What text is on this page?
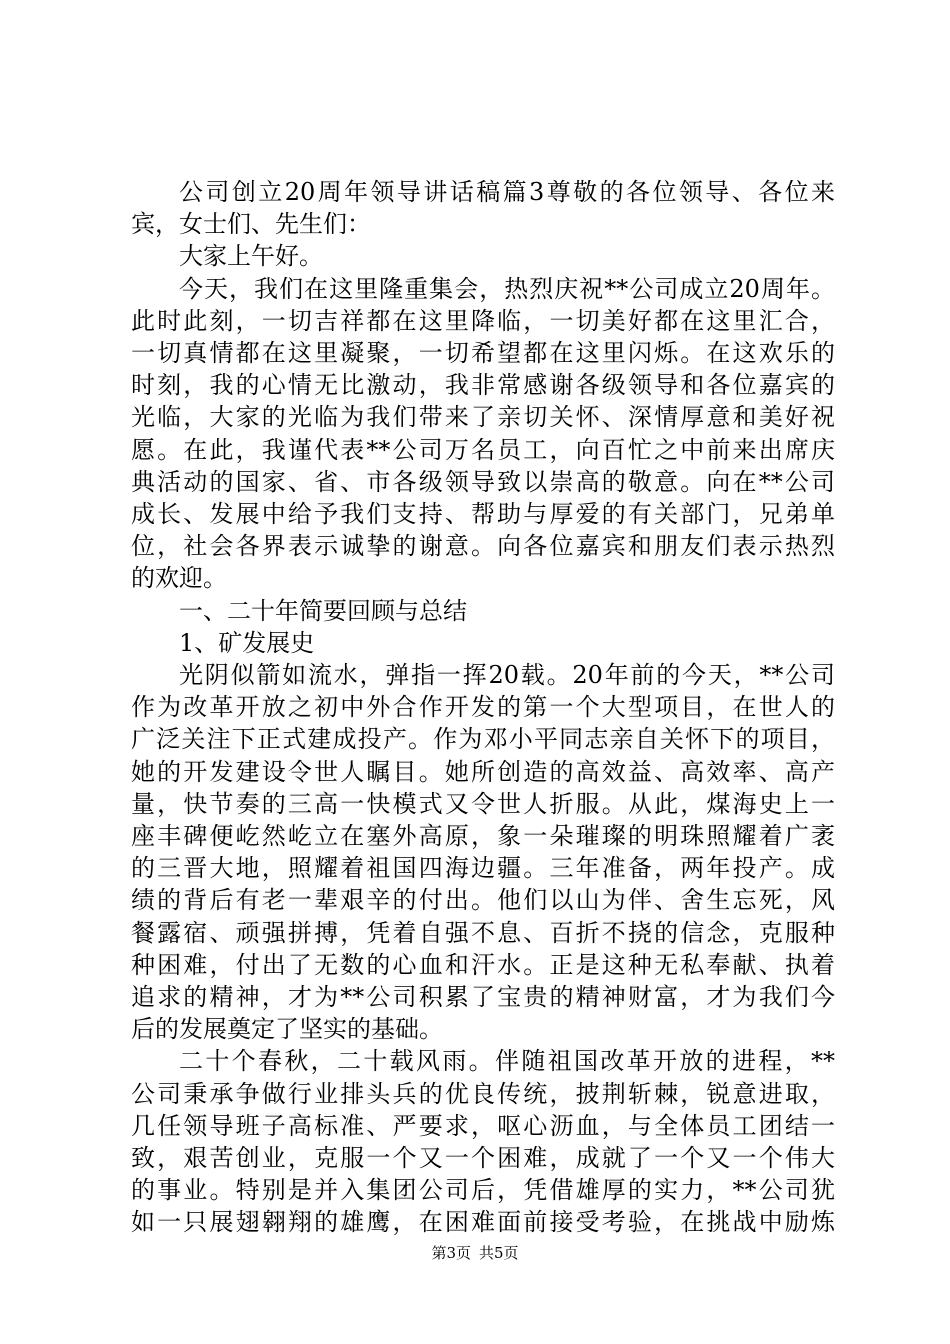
公司创立20周年领导讲话稿篇3尊敬的各位领导、各位来
宾，女士们、先生们：
大家上午好。
今天，我们在这里隆重集会，热烈庆祝**公司成立20周年。
此时此刻，一切吉祥都在这里降临，一切美好都在这里汇合，
一切真情都在这里凝聚，一切希望都在这里闪烁。在这欢乐的
时刻，我的心情无比激动，我非常感谢各级领导和各位嘉宾的
光临，大家的光临为我们带来了亲切关怀、深情厚意和美好祝
愿。在此，我谨代表**公司万名员工，向百忙之中前来出席庆
典活动的国家、省、市各级领导致以崇高的敬意。向在**公司
成长、发展中给予我们支持、帮助与厚爱的有关部门，兄弟单
位，社会各界表示诚挚的谢意。向各位嘉宾和朋友们表示热烈
的欢迎。
一、二十年简要回顾与总结
1、矿发展史
光阴似箭如流水，弹指一挥20载。20年前的今天，**公司
作为改革开放之初中外合作开发的第一个大型项目，在世人的
广泛关注下正式建成投产。作为邓小平同志亲自关怀下的项目，
她的开发建设令世人瞩目。她所创造的高效益、高效率、高产
量，快节奏的三高一快模式又令世人折服。从此，煤海史上一
座丰碑便屹然屹立在塞外高原，象一朵璀璨的明珠照耀着广袤
的三晋大地，照耀着祖国四海边疆。三年准备，两年投产。成
绩的背后有老一辈艰辛的付出。他们以山为伴、舍生忘死，风
餐露宿、顽强拼搏，凭着自强不息、百折不挠的信念，克服种
种困难，付出了无数的心血和汗水。正是这种无私奉献、执着
追求的精神，才为**公司积累了宝贵的精神财富，才为我们今
后的发展奠定了坚实的基础。
二十个春秋，二十载风雨。伴随祖国改革开放的进程，**
公司秉承争做行业排头兵的优良传统，披荆斩棘，锐意进取，
几任领导班子高标准、严要求，呕心沥血，与全体员工团结一
致，艰苦创业，克服一个又一个困难，成就了一个又一个伟大
的事业。特别是并入集团公司后，凭借雄厚的实力，**公司犹
如一只展翅翱翔的雄鹰，在困难面前接受考验，在挑战中励炼
第3页 共5页
